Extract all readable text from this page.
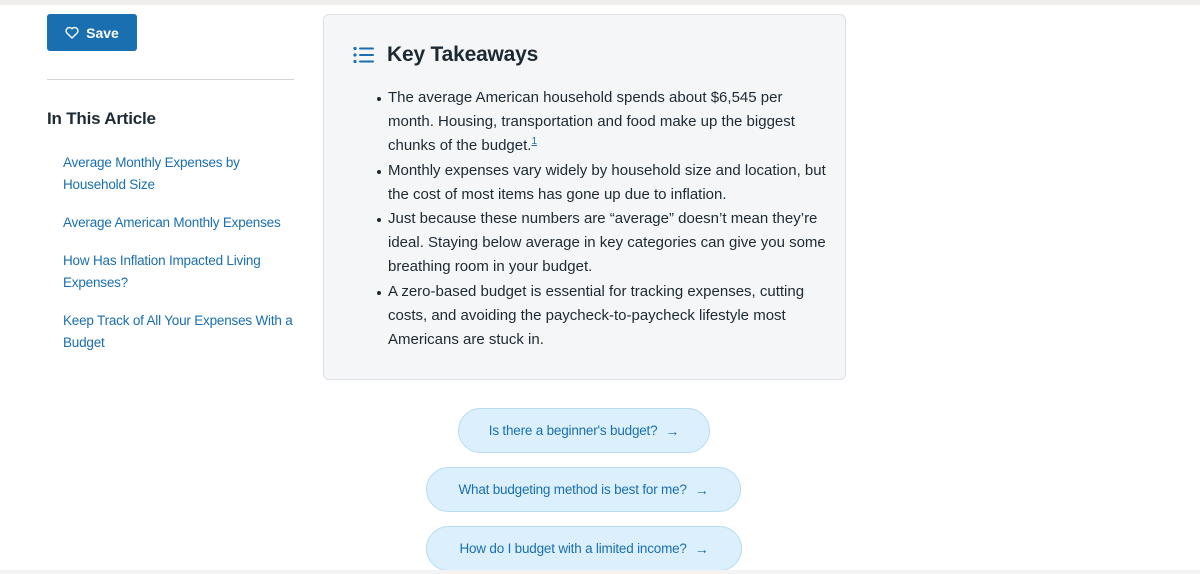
Save
In This Article
Average Monthly Expenses by Household Size
Average American Monthly Expenses
How Has Inflation Impacted Living Expenses?
Keep Track of All Your Expenses With a Budget
Key Takeaways
The average American household spends about $6,545 per month. Housing, transportation and food make up the biggest chunks of the budget.$^1$
Monthly expenses vary widely by household size and location, but the cost of most items has gone up due to inflation.
Just because these numbers are “average” doesn’t mean they’re ideal. Staying below average in key categories can give you some breathing room in your budget.
A zero-based budget is essential for tracking expenses, cutting costs, and avoiding the paycheck-to-paycheck lifestyle most Americans are stuck in.
Is there a beginner's budget? →
What budgeting method is best for me? →
How do I budget with a limited income? →
